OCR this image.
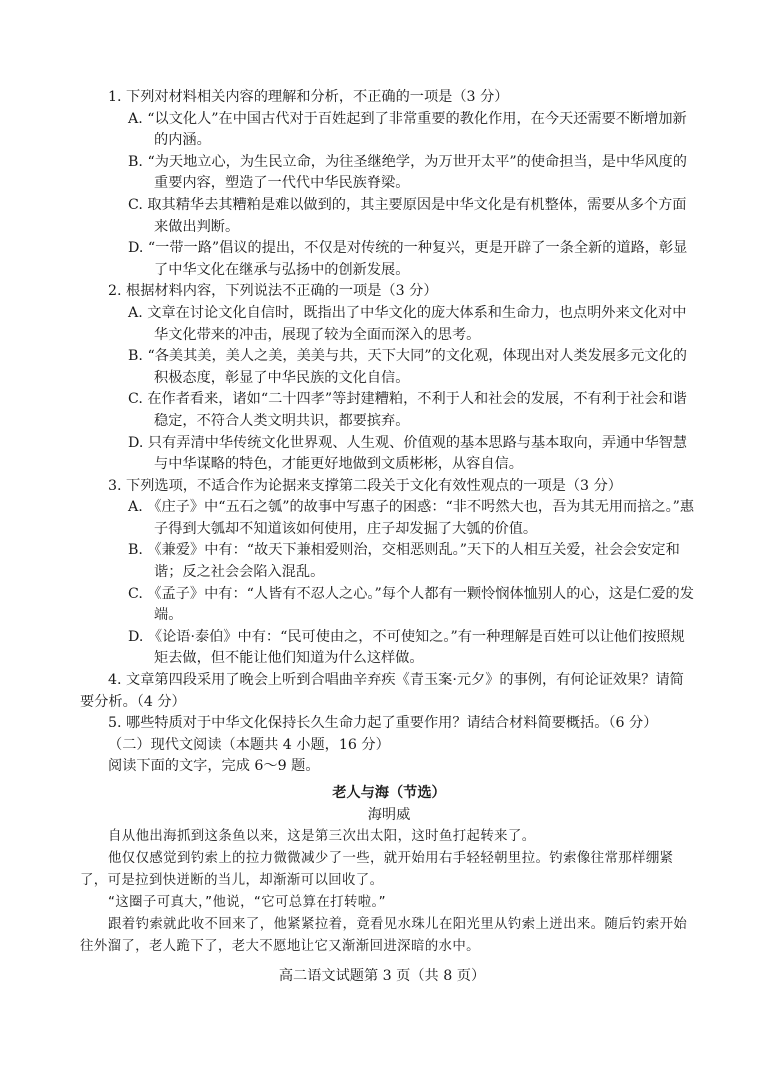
1. 下列对材料相关内容的理解和分析，不正确的一项是（3 分）

A. “以文化人”在中国古代对于百姓起到了非常重要的教化作用，在今天还需要不断增加新的内涵。

B. “为天地立心，为生民立命，为往圣继绝学，为万世开太平”的使命担当，是中华风度的重要内容，塑造了一代代中华民族脊梁。

C. 取其精华去其糟粕是难以做到的，其主要原因是中华文化是有机整体，需要从多个方面来做出判断。

D. “一带一路”倡议的提出，不仅是对传统的一种复兴，更是开辟了一条全新的道路，彰显了中华文化在继承与弘扬中的创新发展。

2. 根据材料内容，下列说法不正确的一项是（3 分）

A. 文章在讨论文化自信时，既指出了中华文化的庞大体系和生命力，也点明外来文化对中华文化带来的冲击，展现了较为全面而深入的思考。

B. “各美其美，美人之美，美美与共，天下大同”的文化观，体现出对人类发展多元文化的积极态度，彰显了中华民族的文化自信。

C. 在作者看来，诸如“二十四孝”等封建糟粕，不利于人和社会的发展，不有利于社会和谐稳定，不符合人类文明共识，都要摈弃。

D. 只有弄清中华传统文化世界观、人生观、价值观的基本思路与基本取向，弄通中华智慧与中华谋略的特色，才能更好地做到文质彬彬，从容自信。

3. 下列选项，不适合作为论据来支撑第二段关于文化有效性观点的一项是（3 分）

A. 《庄子》中“五石之瓠”的故事中写惠子的困惑：“非不呺然大也，吾为其无用而掊之。”惠子得到大瓠却不知道该如何使用，庄子却发掘了大瓠的价值。

B. 《兼爱》中有：“故天下兼相爱则治，交相恶则乱。”天下的人相互关爱，社会会安定和谐；反之社会会陷入混乱。

C. 《孟子》中有：“人皆有不忍人之心。”每个人都有一颗怜悯体恤别人的心，这是仁爱的发端。

D. 《论语·泰伯》中有：“民可使由之，不可使知之。”有一种理解是百姓可以让他们按照规矩去做，但不能让他们知道为什么这样做。

4. 文章第四段采用了晚会上听到合唱曲辛弃疾《青玉案·元夕》的事例，有何论证效果？请简要分析。（4 分）

5. 哪些特质对于中华文化保持长久生命力起了重要作用？请结合材料简要概括。（6 分）

（二）现代文阅读（本题共 4 小题，16 分）

阅读下面的文字，完成 6～9 题。

老人与海（节选）

海明威

自从他出海抓到这条鱼以来，这是第三次出太阳，这时鱼打起转来了。

他仅仅感觉到钓索上的拉力微微减少了一些，就开始用右手轻轻朝里拉。钓索像往常那样绷紧了，可是拉到快迸断的当儿，却渐渐可以回收了。

“这圈子可真大，”他说，“它可总算在打转啦。”

跟着钓索就此收不回来了，他紧紧拉着，竟看见水珠儿在阳光里从钓索上迸出来。随后钓索开始往外溜了，老人跪下了，老大不愿地让它又渐渐回进深暗的水中。

高二语文试题第 3 页（共 8 页）
